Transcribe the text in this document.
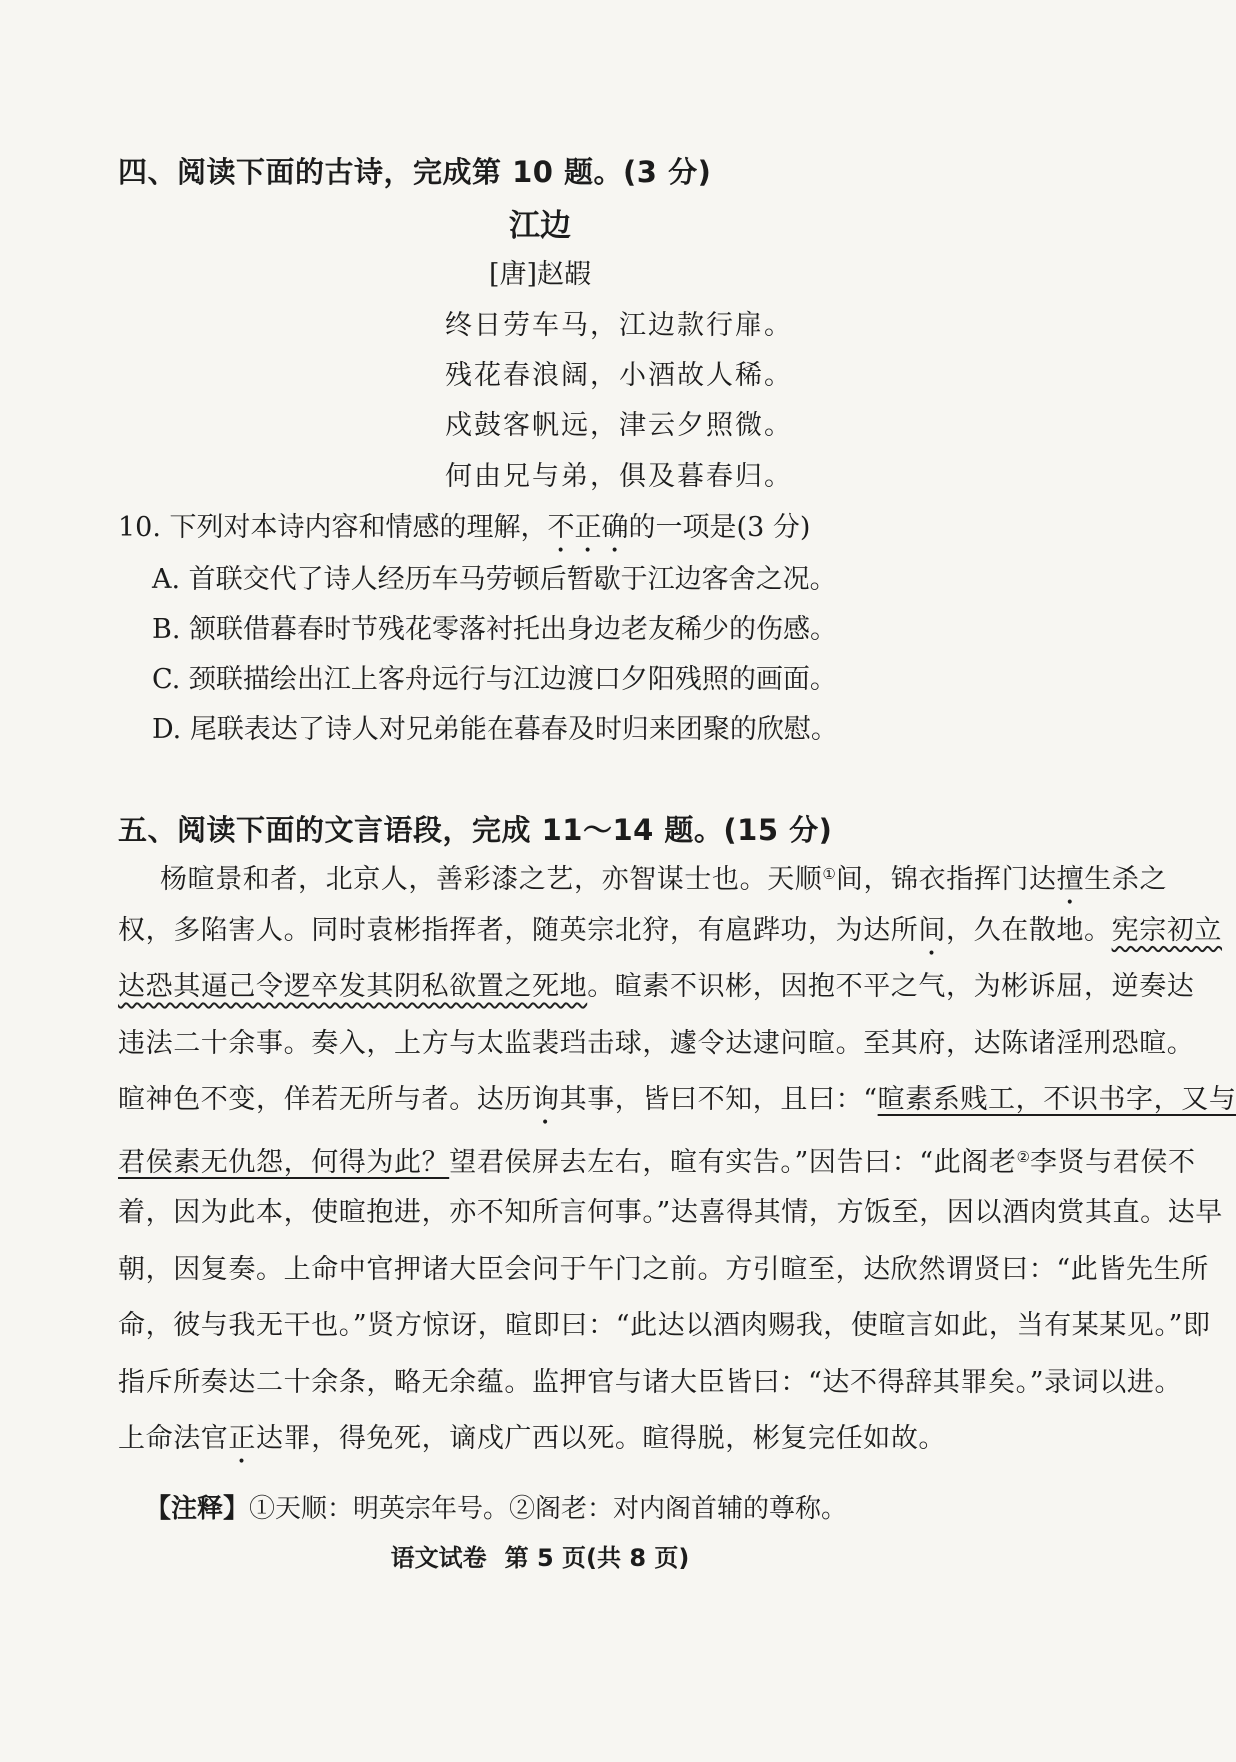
四、阅读下面的古诗，完成第 10 题。(3 分)

江边

[唐]赵嘏

终日劳车马，江边款行扉。

残花春浪阔，小酒故人稀。

戍鼓客帆远，津云夕照微。

何由兄与弟，俱及暮春归。

10. 下列对本诗内容和情感的理解，不正确的一项是(3 分)

A. 首联交代了诗人经历车马劳顿后暂歇于江边客舍之况。

B. 颔联借暮春时节残花零落衬托出身边老友稀少的伤感。

C. 颈联描绘出江上客舟远行与江边渡口夕阳残照的画面。

D. 尾联表达了诗人对兄弟能在暮春及时归来团聚的欣慰。

五、阅读下面的文言语段，完成 11～14 题。(15 分)

杨暄景和者，北京人，善彩漆之艺，亦智谋士也。天顺①间，锦衣指挥门达擅生杀之
权，多陷害人。同时袁彬指挥者，随英宗北狩，有扈跸功，为达所间，久在散地。宪宗初立
达恐其逼己令逻卒发其阴私欲置之死地。暄素不识彬，因抱不平之气，为彬诉屈，逆奏达
违法二十余事。奏入，上方与太监裴珰击球，遽令达逮问暄。至其府，达陈诸淫刑恐暄。
暄神色不变，佯若无所与者。达历询其事，皆曰不知，且曰：“暄素系贱工，不识书字，又与
君侯素无仇怨，何得为此？望君侯屏去左右，暄有实告。”因告曰：“此阁老②李贤与君侯不
着，因为此本，使暄抱进，亦不知所言何事。”达喜得其情，方饭至，因以酒肉赏其直。达早
朝，因复奏。上命中官押诸大臣会问于午门之前。方引暄至，达欣然谓贤曰：“此皆先生所
命，彼与我无干也。”贤方惊讶，暄即曰：“此达以酒肉赐我，使暄言如此，当有某某见。”即
指斥所奏达二十余条，略无余蕴。监押官与诸大臣皆曰：“达不得辞其罪矣。”录词以进。
上命法官正达罪，得免死，谪戍广西以死。暄得脱，彬复完任如故。

【注释】①天顺：明英宗年号。②阁老：对内阁首辅的尊称。

语文试卷 第 5 页(共 8 页)
